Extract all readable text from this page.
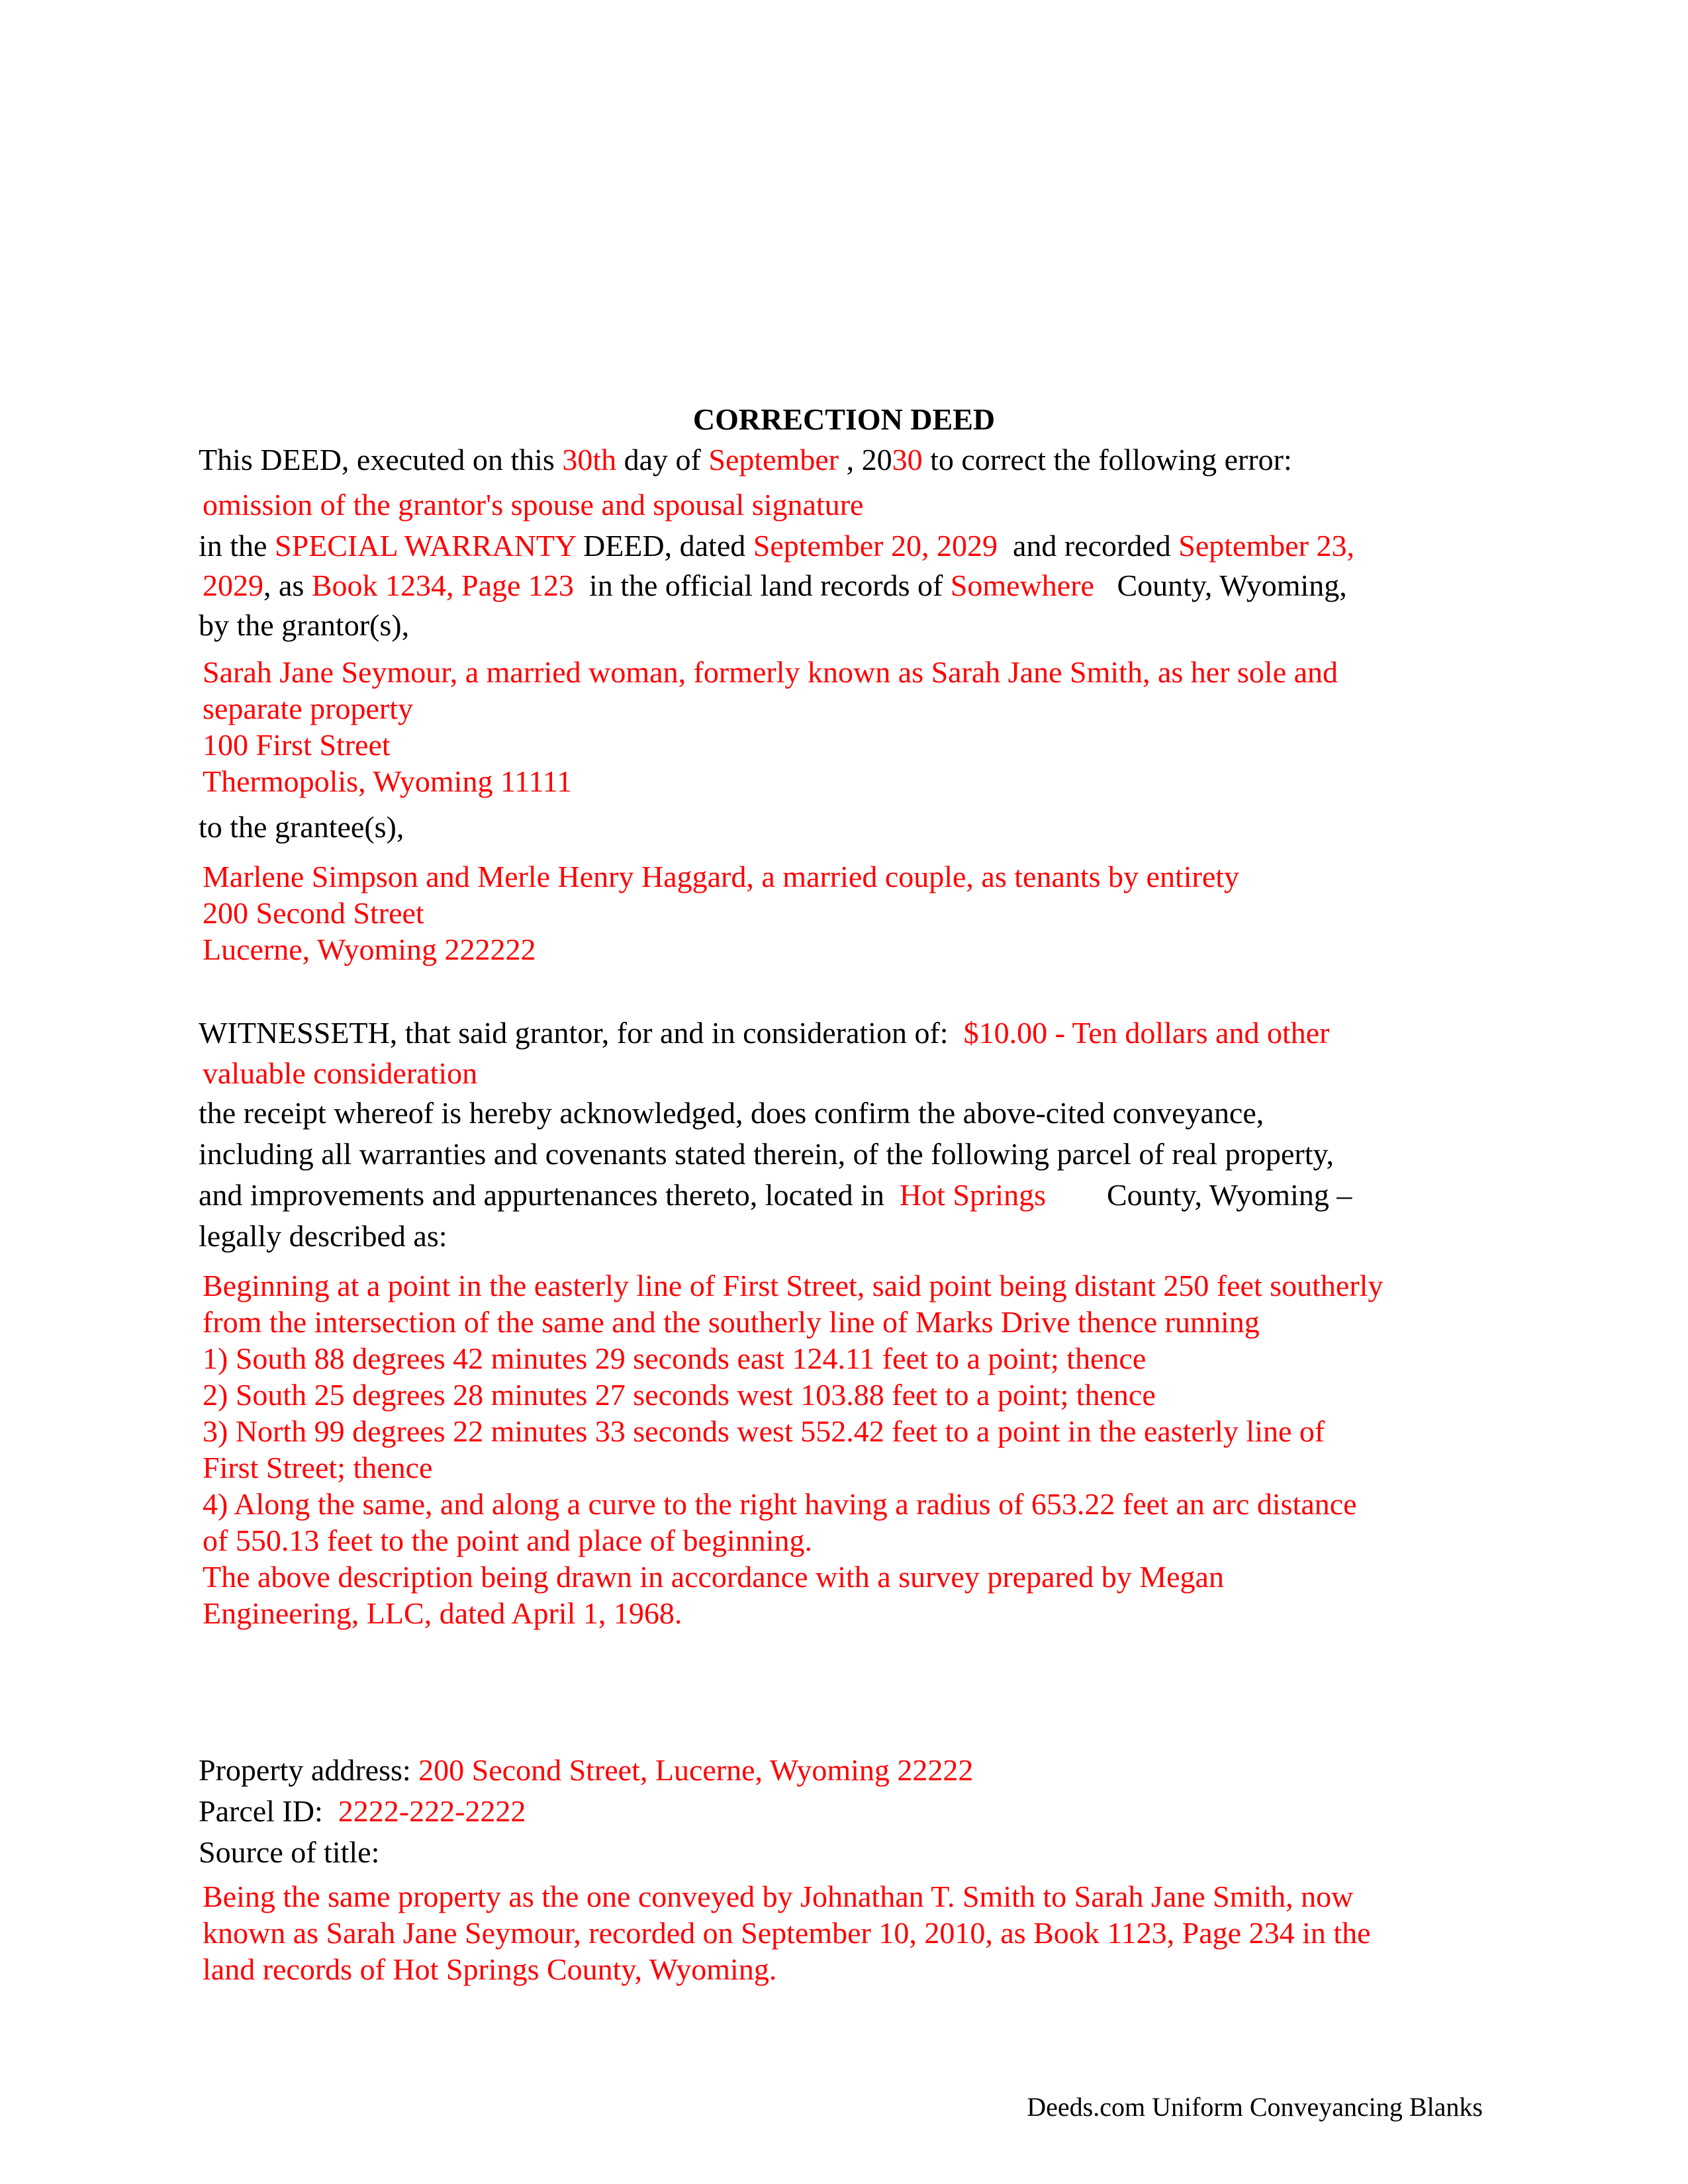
CORRECTION DEED

This DEED, executed on this 30th day of September , 2030 to correct the following error:

omission of the grantor's spouse and spousal signature

in the SPECIAL WARRANTY DEED, dated September 20, 2029  and recorded September 23,

2029, as Book 1234, Page 123  in the official land records of Somewhere   County, Wyoming,

by the grantor(s),

Sarah Jane Seymour, a married woman, formerly known as Sarah Jane Smith, as her sole and

separate property

100 First Street

Thermopolis, Wyoming 11111

to the grantee(s),

Marlene Simpson and Merle Henry Haggard, a married couple, as tenants by entirety

200 Second Street

Lucerne, Wyoming 222222

WITNESSETH, that said grantor, for and in consideration of:  $10.00 - Ten dollars and other

valuable consideration

the receipt whereof is hereby acknowledged, does confirm the above-cited conveyance,

including all warranties and covenants stated therein, of the following parcel of real property,

and improvements and appurtenances thereto, located in  Hot Springs        County, Wyoming –

legally described as:

Beginning at a point in the easterly line of First Street, said point being distant 250 feet southerly

from the intersection of the same and the southerly line of Marks Drive thence running

1) South 88 degrees 42 minutes 29 seconds east 124.11 feet to a point; thence

2) South 25 degrees 28 minutes 27 seconds west 103.88 feet to a point; thence

3) North 99 degrees 22 minutes 33 seconds west 552.42 feet to a point in the easterly line of

First Street; thence

4) Along the same, and along a curve to the right having a radius of 653.22 feet an arc distance

of 550.13 feet to the point and place of beginning.

The above description being drawn in accordance with a survey prepared by Megan

Engineering, LLC, dated April 1, 1968.

Property address: 200 Second Street, Lucerne, Wyoming 22222

Parcel ID:  2222-222-2222

Source of title:

Being the same property as the one conveyed by Johnathan T. Smith to Sarah Jane Smith, now

known as Sarah Jane Seymour, recorded on September 10, 2010, as Book 1123, Page 234 in the

land records of Hot Springs County, Wyoming.

Deeds.com Uniform Conveyancing Blanks
